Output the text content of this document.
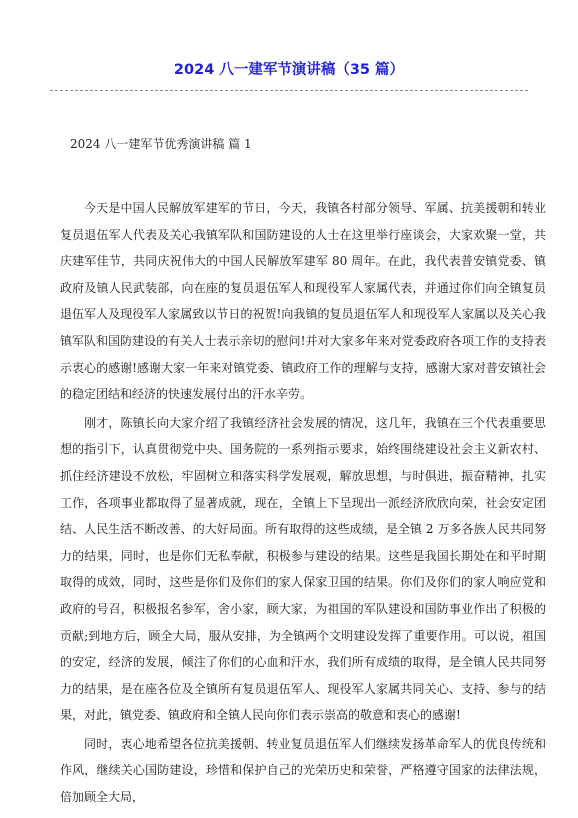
2024 八一建军节演讲稿（35 篇）
2024 八一建军节优秀演讲稿 篇 1

今天是中国人民解放军建军的节日，今天，我镇各村部分领导、军属、抗美援朝和转业复员退伍军人代表及关心我镇军队和国防建设的人士在这里举行座谈会，大家欢聚一堂，共庆建军佳节，共同庆祝伟大的中国人民解放军建军 80 周年。在此，我代表普安镇党委、镇政府及镇人民武装部，向在座的复员退伍军人和现役军人家属代表，并通过你们向全镇复员退伍军人及现役军人家属致以节日的祝贺!向我镇的复员退伍军人和现役军人家属以及关心我镇军队和国防建设的有关人士表示亲切的慰问!并对大家多年来对党委政府各项工作的支持表示衷心的感谢!感谢大家一年来对镇党委、镇政府工作的理解与支持，感谢大家对普安镇社会的稳定团结和经济的快速发展付出的汗水辛劳。

刚才，陈镇长向大家介绍了我镇经济社会发展的情况，这几年，我镇在三个代表重要思想的指引下，认真贯彻党中央、国务院的一系列指示要求，始终围绕建设社会主义新农村、抓住经济建设不放松，牢固树立和落实科学发展观，解放思想，与时俱进，振奋精神，扎实工作，各项事业都取得了显著成就，现在，全镇上下呈现出一派经济欣欣向荣，社会安定团结、人民生活不断改善、的大好局面。所有取得的这些成绩，是全镇 2 万多各族人民共同努力的结果，同时，也是你们无私奉献，积极参与建设的结果。这些是我国长期处在和平时期取得的成效，同时，这些是你们及你们的家人保家卫国的结果。你们及你们的家人响应党和政府的号召，积极报名参军，舍小家，顾大家，为祖国的军队建设和国防事业作出了积极的贡献;到地方后，顾全大局，服从安排，为全镇两个文明建设发挥了重要作用。可以说，祖国的安定，经济的发展，倾注了你们的心血和汗水，我们所有成绩的取得，是全镇人民共同努力的结果，是在座各位及全镇所有复员退伍军人、现役军人家属共同关心、支持、参与的结果，对此，镇党委、镇政府和全镇人民向你们表示崇高的敬意和衷心的感谢!

同时，衷心地希望各位抗美援朝、转业复员退伍军人们继续发扬革命军人的优良传统和作风，继续关心国防建设，珍惜和保护自己的光荣历史和荣誉，严格遵守国家的法律法规，倍加顾全大局，
